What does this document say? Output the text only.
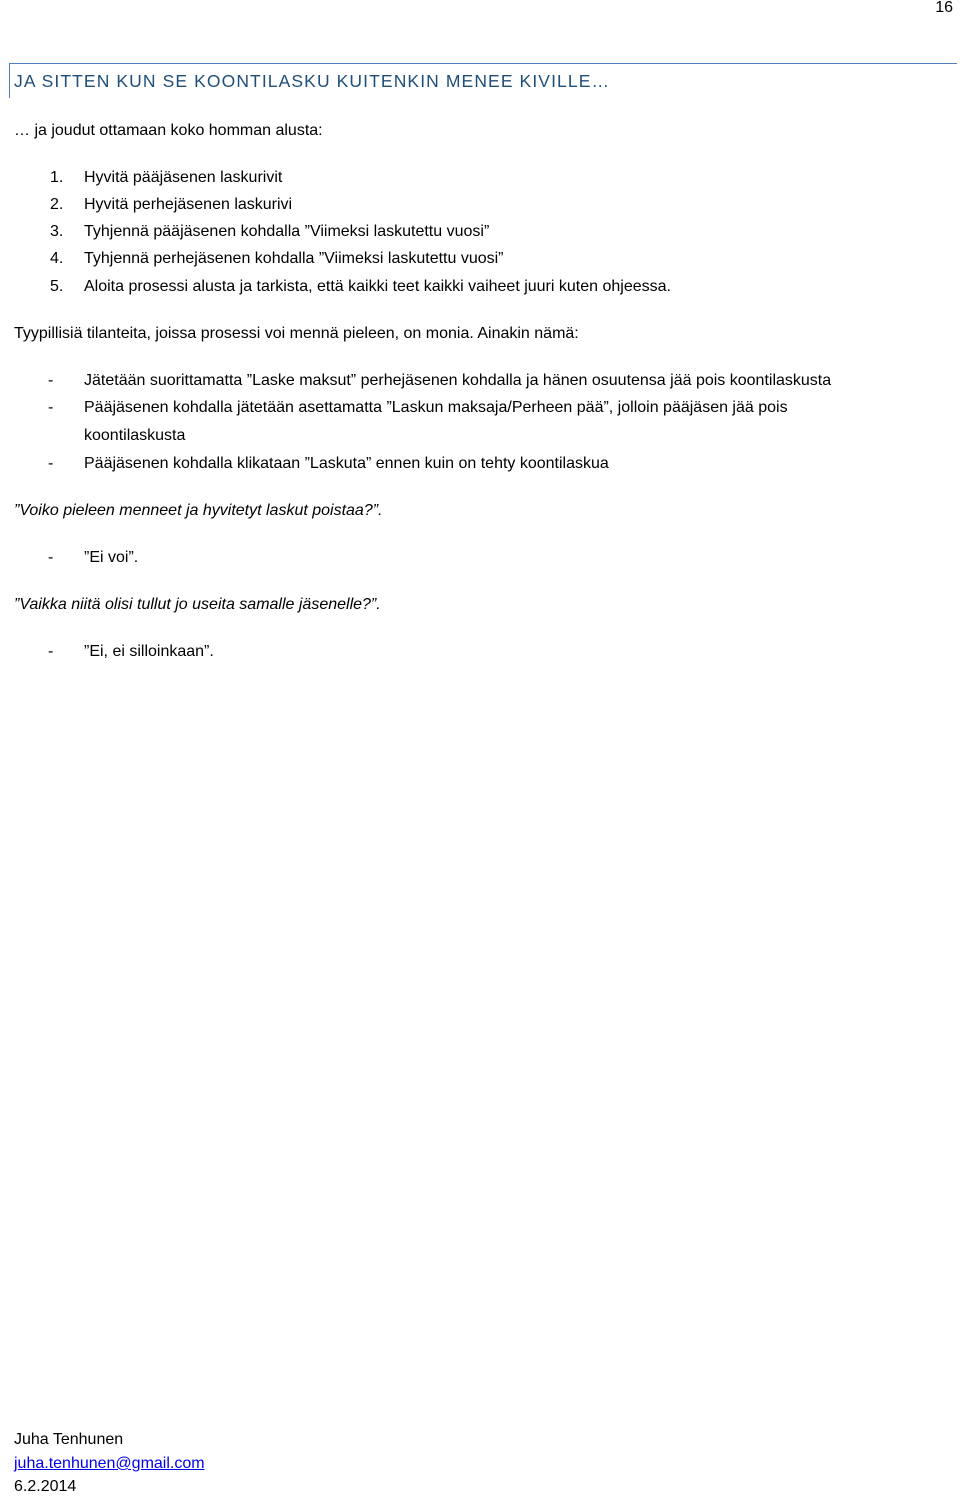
16
JA SITTEN KUN SE KOONTILASKU KUITENKIN MENEE KIVILLE…
… ja joudut ottamaan koko homman alusta:
1.	Hyvitä pääjäsenen laskurivit
2.	Hyvitä perhejäsenen laskurivi
3.	Tyhjennä pääjäsenen kohdalla ”Viimeksi laskutettu vuosi”
4.	Tyhjennä perhejäsenen kohdalla ”Viimeksi laskutettu vuosi”
5.	Aloita prosessi alusta ja tarkista, että kaikki teet kaikki vaiheet juuri kuten ohjeessa.
Tyypillisiä tilanteita, joissa prosessi voi mennä pieleen, on monia. Ainakin nämä:
- Jätetään suorittamatta ”Laske maksut” perhejäsenen kohdalla ja hänen osuutensa jää pois koontilaskusta
- Pääjäsenen kohdalla jätetään asettamatta ”Laskun maksaja/Perheen pää”, jolloin pääjäsen jää pois
koontilaskusta
- Pääjäsenen kohdalla klikataan ”Laskuta” ennen kuin on tehty koontilaskua
”Voiko pieleen menneet ja hyvitetyt laskut poistaa?”.
- ”Ei voi”.
”Vaikka niitä olisi tullut jo useita samalle jäsenelle?”.
- ”Ei, ei silloinkaan”.
Juha Tenhunen
juha.tenhunen@gmail.com
6.2.2014
